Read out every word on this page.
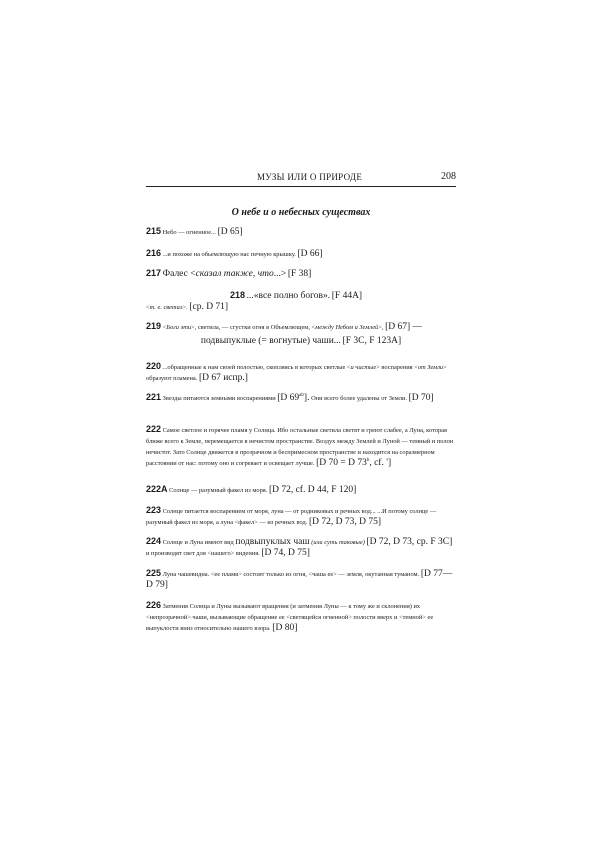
МУЗЫ ИЛИ О ПРИРОДЕ	208
О небе и о небесных существах
215 Небо — огненное... [D 65]
216 ...и похоже на обьемлющую нас печную крышку. [D 66]
217 Фалес <сказал также, что...> [F 38]
218 ...«все полно богов». [F 44A]
<т. е. светил>. [ср. D 71]
219 <Боги эти>, светила, — сгустки огня в Объемлющем, <между Небом и Землей>, [D 67] —
подвыпуклые (= вогнутые) чаши... [F 3C, F 123A]
220 ...обращенные к нам своей полостью, скопляясь в которых светлые <и чистые> воспарения <от Земли> образуют пламена. [D 67 испр.]
221 Звезды питаются земными воспарениями [D $69^{ab}$]. Они всего более удалены от Земли. [D 70]
222 Самое светлое и горячее пламя у Солнца. Ибо остальные светила светят и греют слабее, а Луна, которая ближе всего к Земле, перемещается в нечистом пространстве. Воздух между Землей и Луной — темный и полон нечистот. Зато Солнце движется в прозрачном и беспримесном пространстве и находится на соразмерном расстоянии от нас: потому оно и согревает и освещает лучше. [D 70 = D 73$^b$, cf. ']
222A Солнце — разумный факел из моря. [D 72, cf. D 44, F 120]
223 Солнце питается воспарением от моря, луна — от родниковых и речных вод... ...И потому солнце — разумный факел из моря, а луна <факел> — из речных вод. [D 72, D 73, D 75]
224 Солнце и Луна имеют вид подвыпуклых чаш (или суть таковые) [D 72, D 73, ср. F 3C] и производят свет для <нашего> видения. [D 74, D 75]
225 Луна чашевидна. <ее пламя> состоит только из огня, <чаша ее> — земля, окутанная туманом. [D 77—D 79]
226 Затмения Солнца и Луны вызывают вращения (и затмения Луны — к тому же и склонения) их <непрозрачной> чаши, вызывающие обращение ее <светящейся огненной> полости вверх и <темной> ее выпуклости вниз относительно нашего взора. [D 80]
